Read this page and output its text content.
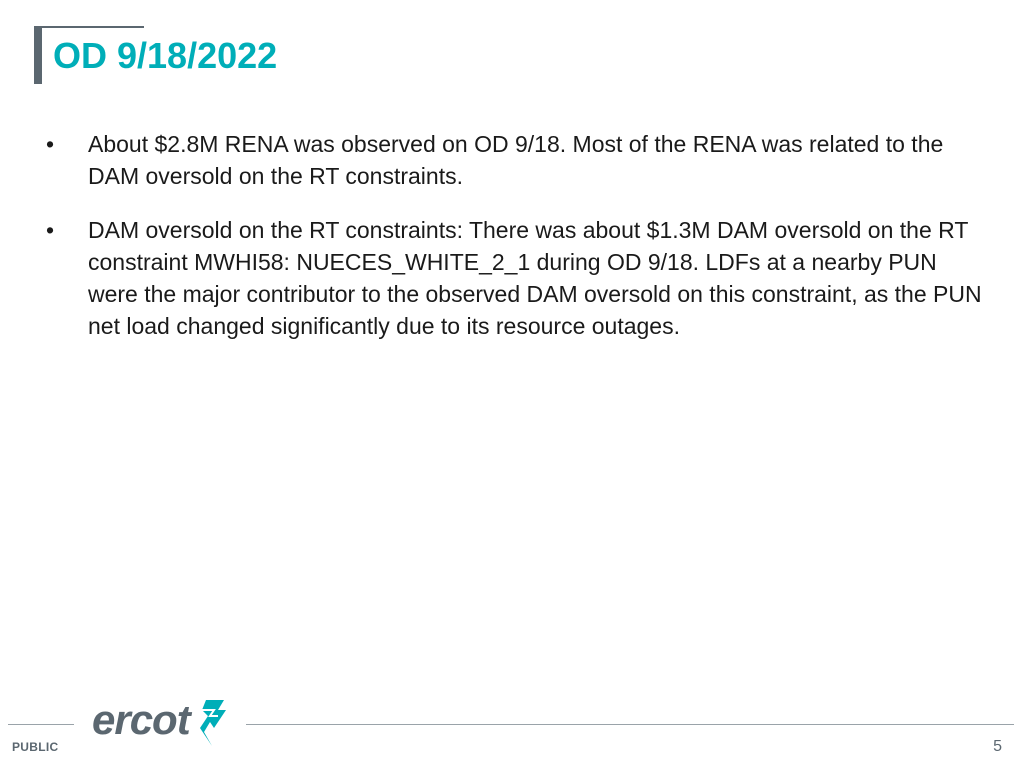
OD 9/18/2022
• About $2.8M RENA was observed on OD 9/18. Most of the RENA was related to the DAM oversold on the RT constraints.
• DAM oversold on the RT constraints: There was about $1.3M DAM oversold on the RT constraint MWHI58: NUECES_WHITE_2_1 during OD 9/18. LDFs at a nearby PUN were the major contributor to the observed DAM oversold on this constraint, as the PUN net load changed significantly due to its resource outages.
ercot
PUBLIC	5
